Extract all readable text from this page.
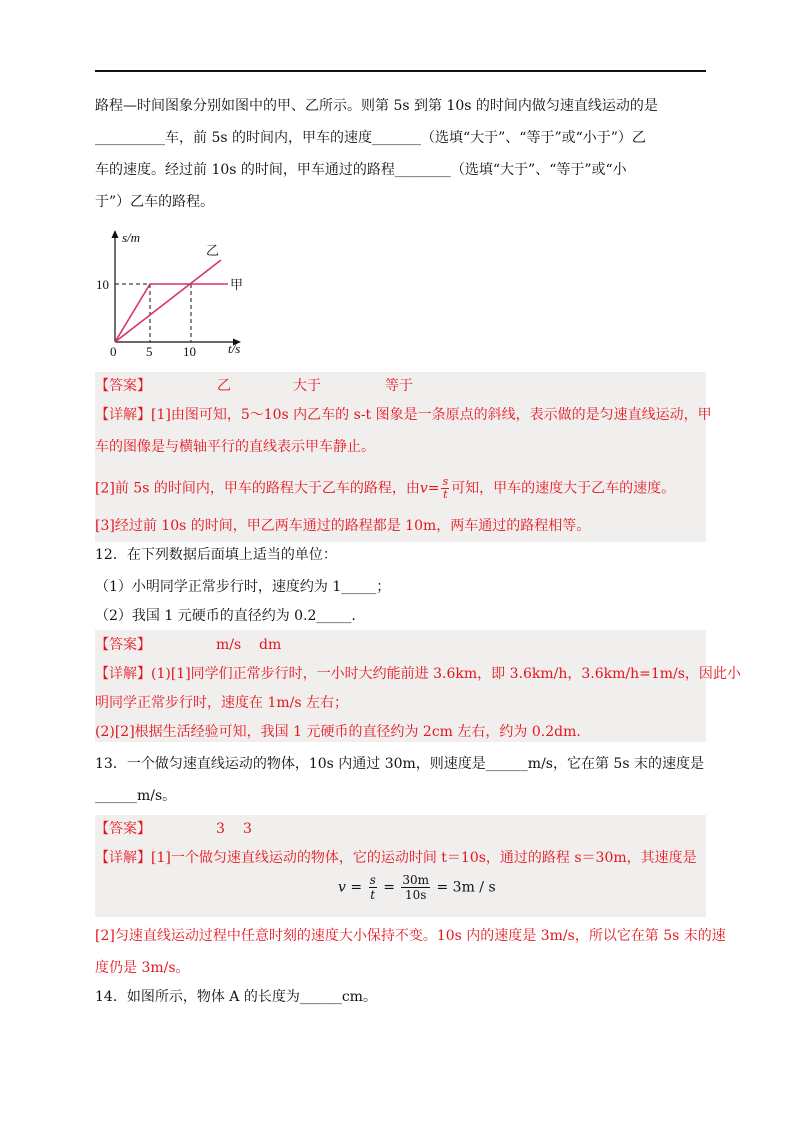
路程—时间图象分别如图中的甲、乙所示。则第 5s 到第 10s 的时间内做匀速直线运动的是
__________车，前 5s 的时间内，甲车的速度_______（选填“大于”、“等于”或“小于”）乙
车的速度。经过前 10s 的时间，甲车通过的路程________（选填“大于”、“等于”或“小
于”）乙车的路程。
s/m
t/s
10
0 5 10
乙
甲
【答案】	乙	大于	等于
【详解】[1]由图可知，5～10s 内乙车的 s-t 图象是一条原点的斜线，表示做的是匀速直线运动，甲
车的图像是与横轴平行的直线表示甲车静止。
[2]前 5s 的时间内，甲车的路程大于乙车的路程，由$v= \frac{s}{t}$ 可知，甲车的速度大于乙车的速度。
[3]经过前 10s 的时间，甲乙两车通过的路程都是 10m，两车通过的路程相等。
12．在下列数据后面填上适当的单位：
（1）小明同学正常步行时，速度约为 1_____；
（2）我国 1 元硬币的直径约为 0.2_____.
【答案】	m/s dm
【详解】(1)[1]同学们正常步行时，一小时大约能前进 3.6km，即 3.6km/h，3.6km/h=1m/s，因此小
明同学正常步行时，速度在 1m/s 左右；
(2)[2]根据生活经验可知，我国 1 元硬币的直径约为 2cm 左右，约为 0.2dm.
13．一个做匀速直线运动的物体，10s 内通过 30m，则速度是______m/s，它在第 5s 末的速度是
______m/s。
【答案】	3 3
【详解】[1]一个做匀速直线运动的物体，它的运动时间 t＝10s，通过的路程 s＝30m，其速度是
$v = \frac{s}{t} = \frac{30m}{10s} = 3m / s$
[2]匀速直线运动过程中任意时刻的速度大小保持不变。10s 内的速度是 3m/s，所以它在第 5s 末的速
度仍是 3m/s。
14．如图所示，物体 A 的长度为______cm。
